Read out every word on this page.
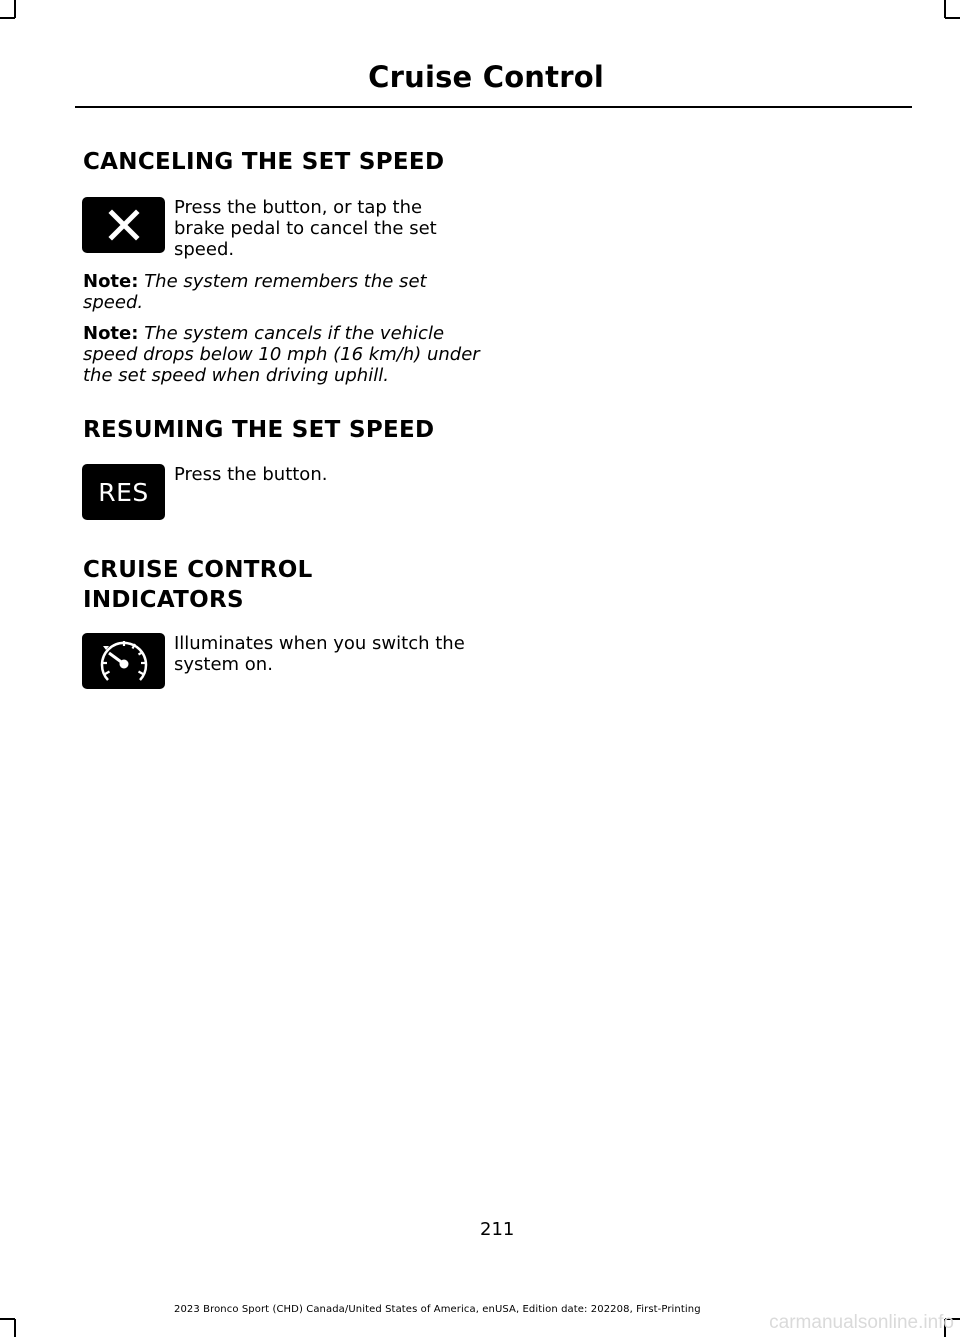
Cruise Control
CANCELING THE SET SPEED

Press the button, or tap the brake pedal to cancel the set speed.

Note: The system remembers the set speed.

Note: The system cancels if the vehicle speed drops below 10 mph (16 km/h) under the set speed when driving uphill.

RESUMING THE SET SPEED
RES

Press the button.

CRUISE CONTROL
INDICATORS

Illuminates when you switch the system on.

211
2023 Bronco Sport (CHD) Canada/United States of America, enUSA, Edition date: 202208, First-Printing
carmanualsonline.info
